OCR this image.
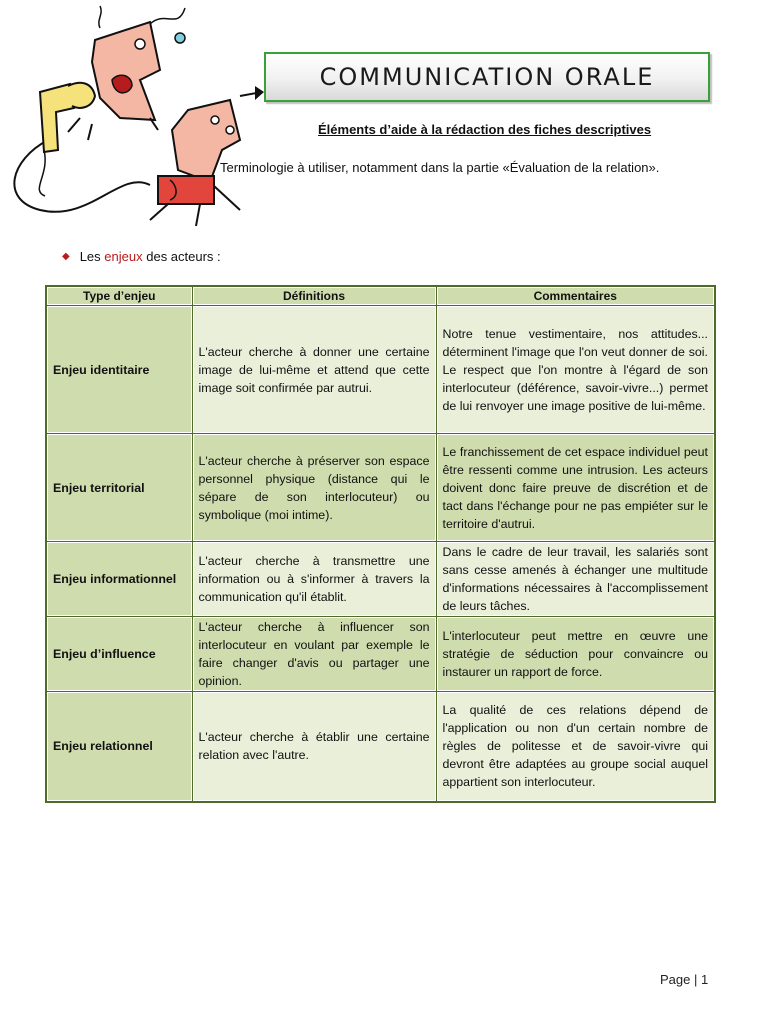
COMMUNICATION ORALE
Éléments d’aide à la rédaction des fiches descriptives
Terminologie à utiliser, notamment dans la partie «Évaluation de la relation».
◆ Les enjeux des acteurs :
Type d’enjeu	Définitions	Commentaires
Enjeu identitaire	L'acteur cherche à donner une certaine image de lui-même et attend que cette image soit confirmée par autrui.	Notre tenue vestimentaire, nos attitudes... déterminent l'image que l'on veut donner de soi. Le respect que l'on montre à l'égard de son interlocuteur (déférence, savoir-vivre...) permet de lui renvoyer une image positive de lui-même.
Enjeu territorial	L'acteur cherche à préserver son espace personnel physique (distance qui le sépare de son interlocuteur) ou symbolique (moi intime).	Le franchissement de cet espace individuel peut être ressenti comme une intrusion. Les acteurs doivent donc faire preuve de discrétion et de tact dans l'échange pour ne pas empiéter sur le territoire d'autrui.
Enjeu informationnel	L'acteur cherche à transmettre une information ou à s'informer à travers la communication qu'il établit.	Dans le cadre de leur travail, les salariés sont sans cesse amenés à échanger une multitude d'informations nécessaires à l'accomplissement de leurs tâches.
Enjeu d’influence	L'acteur cherche à influencer son interlocuteur en voulant par exemple le faire changer d'avis ou partager une opinion.	L'interlocuteur peut mettre en œuvre une stratégie de séduction pour convaincre ou instaurer un rapport de force.
Enjeu relationnel	L'acteur cherche à établir une certaine relation avec l'autre.	La qualité de ces relations dépend de l'application ou non d'un certain nombre de règles de politesse et de savoir-vivre qui devront être adaptées au groupe social auquel appartient son interlocuteur.
Page | 1
